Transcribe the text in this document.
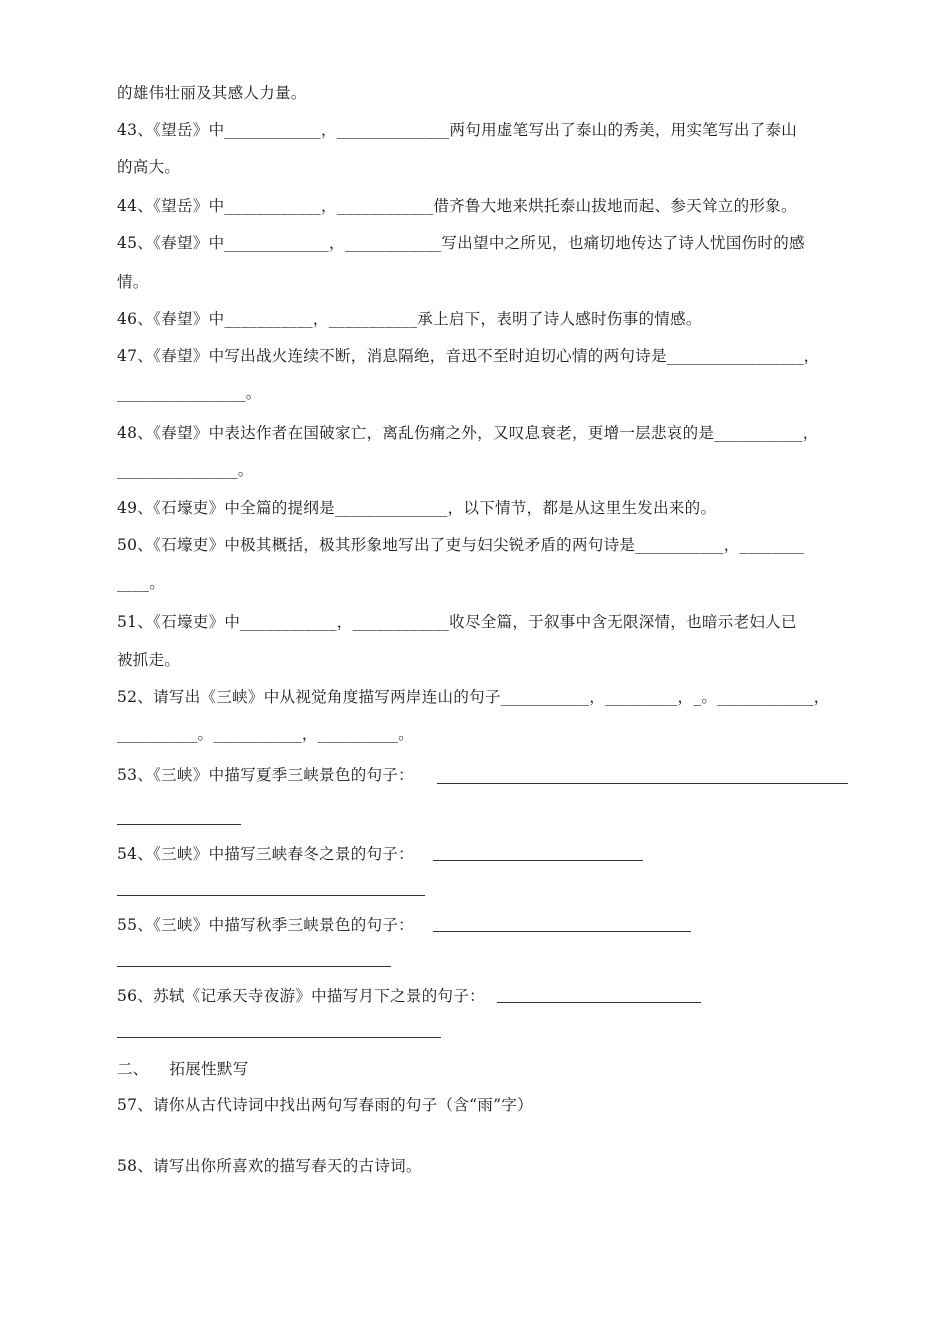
的雄伟壮丽及其感人力量。
43、《望岳》中____________，______________两句用虚笔写出了泰山的秀美，用实笔写出了泰山
的高大。
44、《望岳》中____________，____________借齐鲁大地来烘托泰山拔地而起、参天耸立的形象。
45、《春望》中_____________，____________写出望中之所见，也痛切地传达了诗人忧国伤时的感
情。
46、《春望》中___________，___________承上启下，表明了诗人感时伤事的情感。
47、《春望》中写出战火连续不断，消息隔绝，音迅不至时迫切心情的两句诗是_________________，
________________。
48、《春望》中表达作者在国破家亡，离乱伤痛之外，又叹息衰老，更增一层悲哀的是___________，
_______________。
49、《石壕吏》中全篇的提纲是______________，以下情节，都是从这里生发出来的。
50、《石壕吏》中极其概括，极其形象地写出了吏与妇尖锐矛盾的两句诗是___________，________
____。
51、《石壕吏》中____________，____________收尽全篇，于叙事中含无限深情，也暗示老妇人已
被抓走。
52、请写出《三峡》中从视觉角度描写两岸连山的句子___________，_________，_。____________，
__________。___________，__________。
53、《三峡》中描写夏季三峡景色的句子：
54、《三峡》中描写三峡春冬之景的句子：
55、《三峡》中描写秋季三峡景色的句子：
56、苏轼《记承天寺夜游》中描写月下之景的句子：
二、    拓展性默写
57、请你从古代诗词中找出两句写春雨的句子（含“雨”字）
58、请写出你所喜欢的描写春天的古诗词。
